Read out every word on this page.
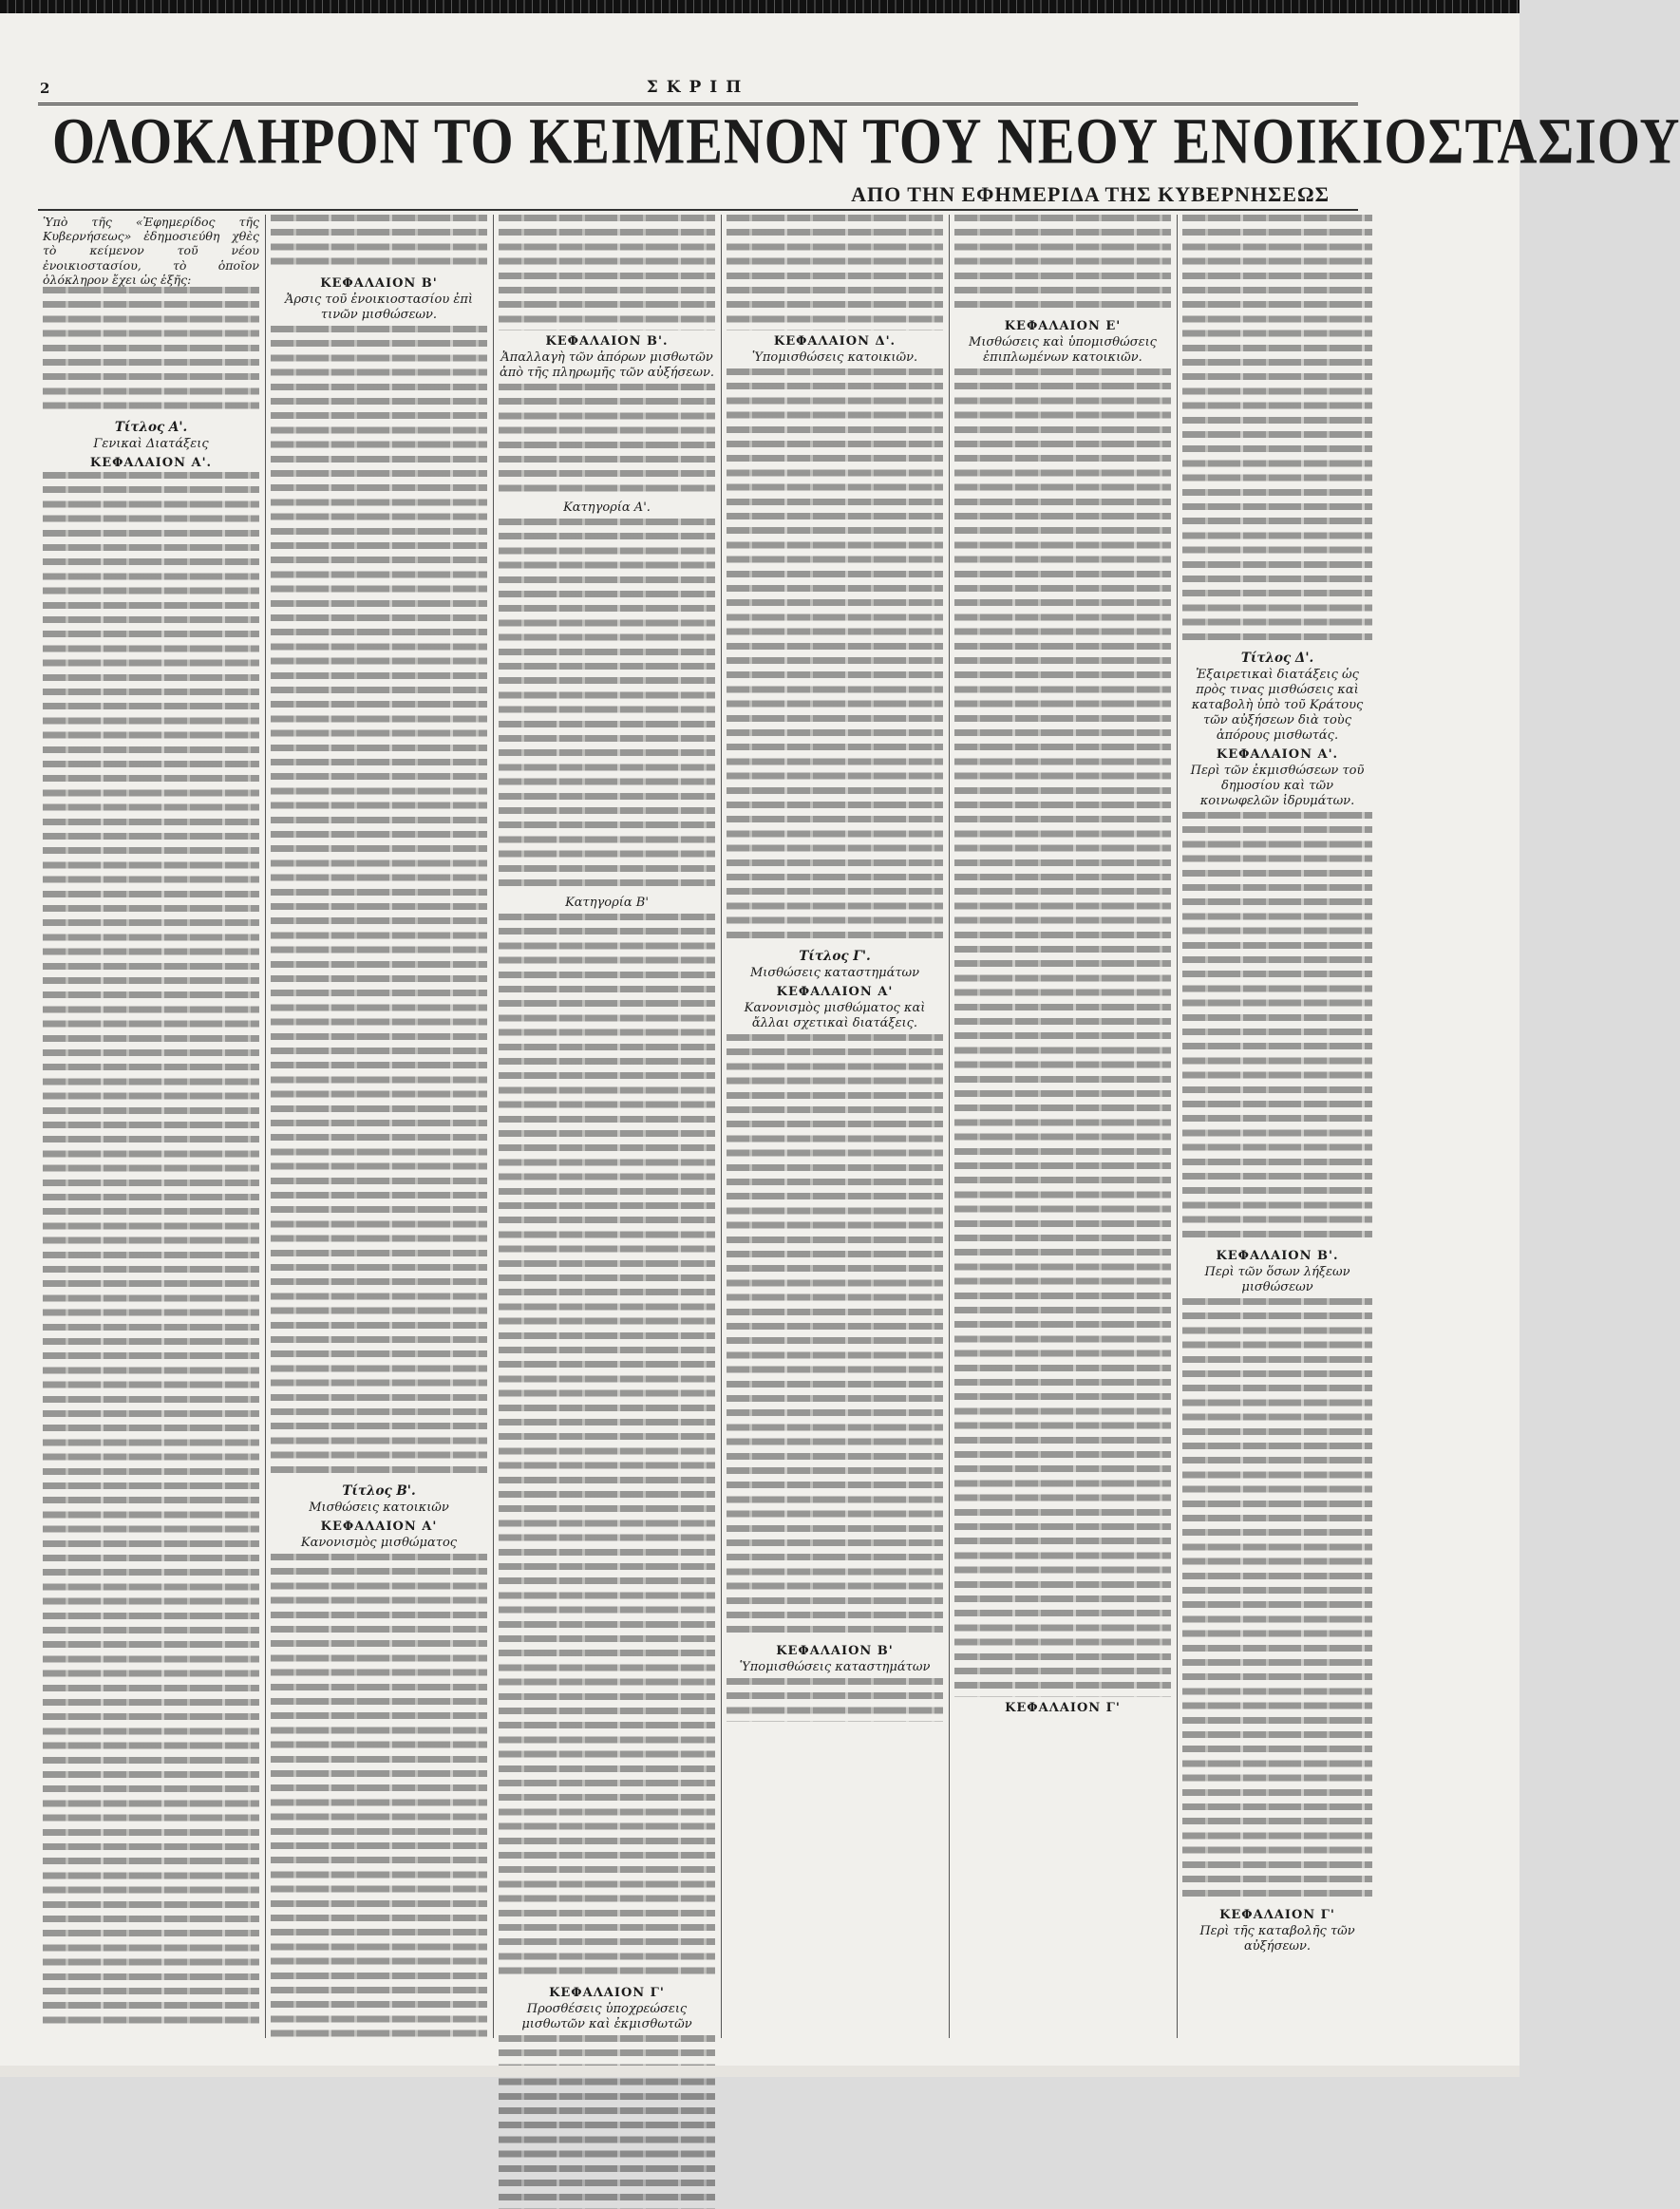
2	ΣΚΡΙΠ
ΟΛΟΚΛΗΡΟΝ ΤΟ ΚΕΙΜΕΝΟΝ ΤΟΥ ΝΕΟΥ ΕΝΟΙΚΙΟΣΤΑΣΙΟΥ
ΑΠΟ ΤΗΝ ΕΦΗΜΕΡΙΔΑ ΤΗΣ ΚΥΒΕΡΝΗΣΕΩΣ
Ὑπὸ τῆς «Ἐφημερίδος τῆς Κυβερνήσεως» ἐδημοσιεύθη χθὲς τὸ κείμενον τοῦ νέου ἐνοικιοστασίου, τὸ ὁποῖον ὁλόκληρον ἔχει ὡς ἑξῆς:
Τίτλος Α'.
Γενικαὶ Διατάξεις
ΚΕΦΑΛΑΙΟΝ Α'.
ΚΕΦΑΛΑΙΟΝ Β'
Ἀρσις τοῦ ἐνοικιοστασίου ἐπὶ τινῶν μισθώσεων.
Τίτλος Β'.
Μισθώσεις κατοικιῶν
ΚΕΦΑΛΑΙΟΝ Α'
Κανονισμὸς μισθώματος
ΚΕΦΑΛΑΙΟΝ Β'.
Ἀπαλλαγὴ τῶν ἀπόρων μισθωτῶν ἀπὸ τῆς πληρωμῆς τῶν αὐξήσεων.
Κατηγορία Α'.
Κατηγορία Β'
ΚΕΦΑΛΑΙΟΝ Γ'
Προσθέσεις ὑποχρεώσεις μισθωτῶν καὶ ἐκμισθωτῶν
ΚΕΦΑΛΑΙΟΝ Δ'.
Ὑπομισθώσεις κατοικιῶν.
Τίτλος Γ'.
Μισθώσεις καταστημάτων
ΚΕΦΑΛΑΙΟΝ Α'
Κανονισμὸς μισθώματος καὶ ἄλλαι σχετικαὶ διατάξεις.
ΚΕΦΑΛΑΙΟΝ Β'
Ὑπομισθώσεις καταστημάτων
ΚΕΦΑΛΑΙΟΝ Ε'
Μισθώσεις καὶ ὑπομισθώσεις ἐπιπλωμένων κατοικιῶν.
ΚΕΦΑΛΑΙΟΝ Γ'
Τίτλος Δ'.
Ἐξαιρετικαὶ διατάξεις ὡς πρὸς τινας μισθώσεις καὶ καταβολὴ ὑπὸ τοῦ Κράτους τῶν αὐξήσεων διὰ τοὺς ἀπόρους μισθωτάς.
ΚΕΦΑΛΑΙΟΝ Α'.
Περὶ τῶν ἐκμισθώσεων τοῦ δημοσίου καὶ τῶν κοινωφελῶν ἱδρυμάτων.
ΚΕΦΑΛΑΙΟΝ Β'.
Περὶ τῶν ὅσων λήξεων μισθώσεων
ΚΕΦΑΛΑΙΟΝ Γ'
Περὶ τῆς καταβολῆς τῶν αὐξήσεων.
